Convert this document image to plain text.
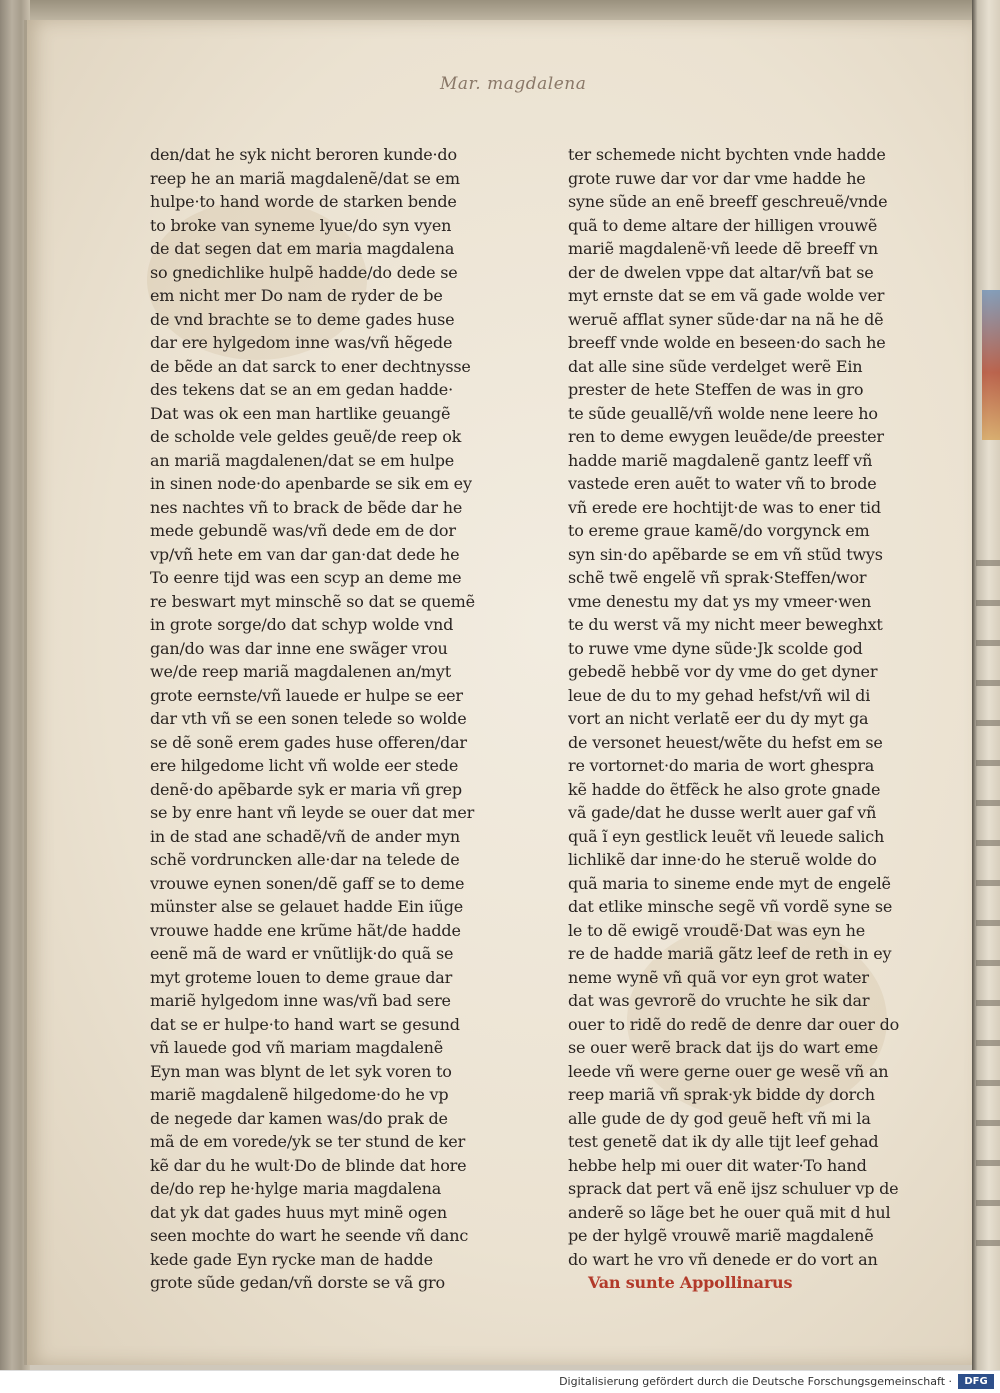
Mar. magdalena
den/dat he syk nicht beroren kunde·do
reep he an mariã magdalenẽ/dat se em
hulpe·to hand worde de starken bende
to broke van syneme lyue/do syn vyen
de dat segen dat em maria magdalena
so gnedichlike hulpẽ hadde/do dede se
em nicht mer Do nam de ryder de be
de vnd brachte se to deme gades huse
dar ere hylgedom inne was/vñ hẽgede
de bẽde an dat sarck to ener dechtnysse
des tekens dat se an em gedan hadde·
Dat was ok een man hartlike geuangẽ
de scholde vele geldes geuẽ/de reep ok
an mariã magdalenen/dat se em hulpe
in sinen node·do apenbarde se sik em ey
nes nachtes vñ to brack de bẽde dar he
mede gebundẽ was/vñ dede em de dor
vp/vñ hete em van dar gan·dat dede he
To eenre tijd was een scyp an deme me
re beswart myt minschẽ so dat se quemẽ
in grote sorge/do dat schyp wolde vnd
gan/do was dar inne ene swãger vrou
we/de reep mariã magdalenen an/myt
grote eernste/vñ lauede er hulpe se eer
dar vth vñ se een sonen telede so wolde
se dẽ sonẽ erem gades huse offeren/dar
ere hilgedome licht vñ wolde eer stede
denẽ·do apẽbarde syk er maria vñ grep
se by enre hant vñ leyde se ouer dat mer
in de stad ane schadẽ/vñ de ander myn
schẽ vordruncken alle·dar na telede de
vrouwe eynen sonen/dẽ gaff se to deme
münster alse se gelauet hadde Ein iũge
vrouwe hadde ene krũme hãt/de hadde
eenẽ mã de ward er vnũtlijk·do quã se
myt groteme louen to deme graue dar
mariẽ hylgedom inne was/vñ bad sere
dat se er hulpe·to hand wart se gesund
vñ lauede god vñ mariam magdalenẽ
Eyn man was blynt de let syk voren to
mariẽ magdalenẽ hilgedome·do he vp
de negede dar kamen was/do prak de
mã de em vorede/yk se ter stund de ker
kẽ dar du he wult·Do de blinde dat hore
de/do rep he·hylge maria magdalena
dat yk dat gades huus myt minẽ ogen
seen mochte do wart he seende vñ danc
kede gade Eyn rycke man de hadde
grote sũde gedan/vñ dorste se vã gro
ter schemede nicht bychten vnde hadde
grote ruwe dar vor dar vme hadde he
syne sũde an enẽ breeff geschreuẽ/vnde
quã to deme altare der hilligen vrouwẽ
mariẽ magdalenẽ·vñ leede dẽ breeff vn
der de dwelen vppe dat altar/vñ bat se
myt ernste dat se em vã gade wolde ver
weruẽ afflat syner sũde·dar na nã he dẽ
breeff vnde wolde en beseen·do sach he
dat alle sine sũde verdelget werẽ Ein
prester de hete Steffen de was in gro
te sũde geuallẽ/vñ wolde nene leere ho
ren to deme ewygen leuẽde/de preester
hadde mariẽ magdalenẽ gantz leeff vñ
vastede eren auẽt to water vñ to brode
vñ erede ere hochtijt·de was to ener tid
to ereme graue kamẽ/do vorgynck em
syn sin·do apẽbarde se em vñ stũd twys
schẽ twẽ engelẽ vñ sprak·Steffen/wor
vme denestu my dat ys my vmeer·wen
te du werst vã my nicht meer beweghxt
to ruwe vme dyne sũde·Jk scolde god
gebedẽ hebbẽ vor dy vme do get dyner
leue de du to my gehad hefst/vñ wil di
vort an nicht verlatẽ eer du dy myt ga
de versonet heuest/wẽte du hefst em se
re vortornet·do maria de wort ghespra
kẽ hadde do ẽtfẽck he also grote gnade
vã gade/dat he dusse werlt auer gaf vñ
quã ĩ eyn gestlick leuẽt vñ leuede salich
lichlikẽ dar inne·do he steruẽ wolde do
quã maria to sineme ende myt de engelẽ
dat etlike minsche segẽ vñ vordẽ syne se
le to dẽ ewigẽ vroudẽ·Dat was eyn he
re de hadde mariã gãtz leef de reth in ey
neme wynẽ vñ quã vor eyn grot water
dat was gevrorẽ do vruchte he sik dar
ouer to ridẽ do redẽ de denre dar ouer do
se ouer werẽ brack dat ijs do wart eme
leede vñ were gerne ouer ge wesẽ vñ an
reep mariã vñ sprak·yk bidde dy dorch
alle gude de dy god geuẽ heft vñ mi la
test genetẽ dat ik dy alle tijt leef gehad
hebbe help mi ouer dit water·To hand
sprack dat pert vã enẽ ijsz schuluer vp de
anderẽ so lãge bet he ouer quã mit d hul
pe der hylgẽ vrouwẽ mariẽ magdalenẽ
do wart he vro vñ denede er do vort an
Van sunte Appollinarus
Digitalisierung gefördert durch die Deutsche Forschungsgemeinschaft ·	DFG
